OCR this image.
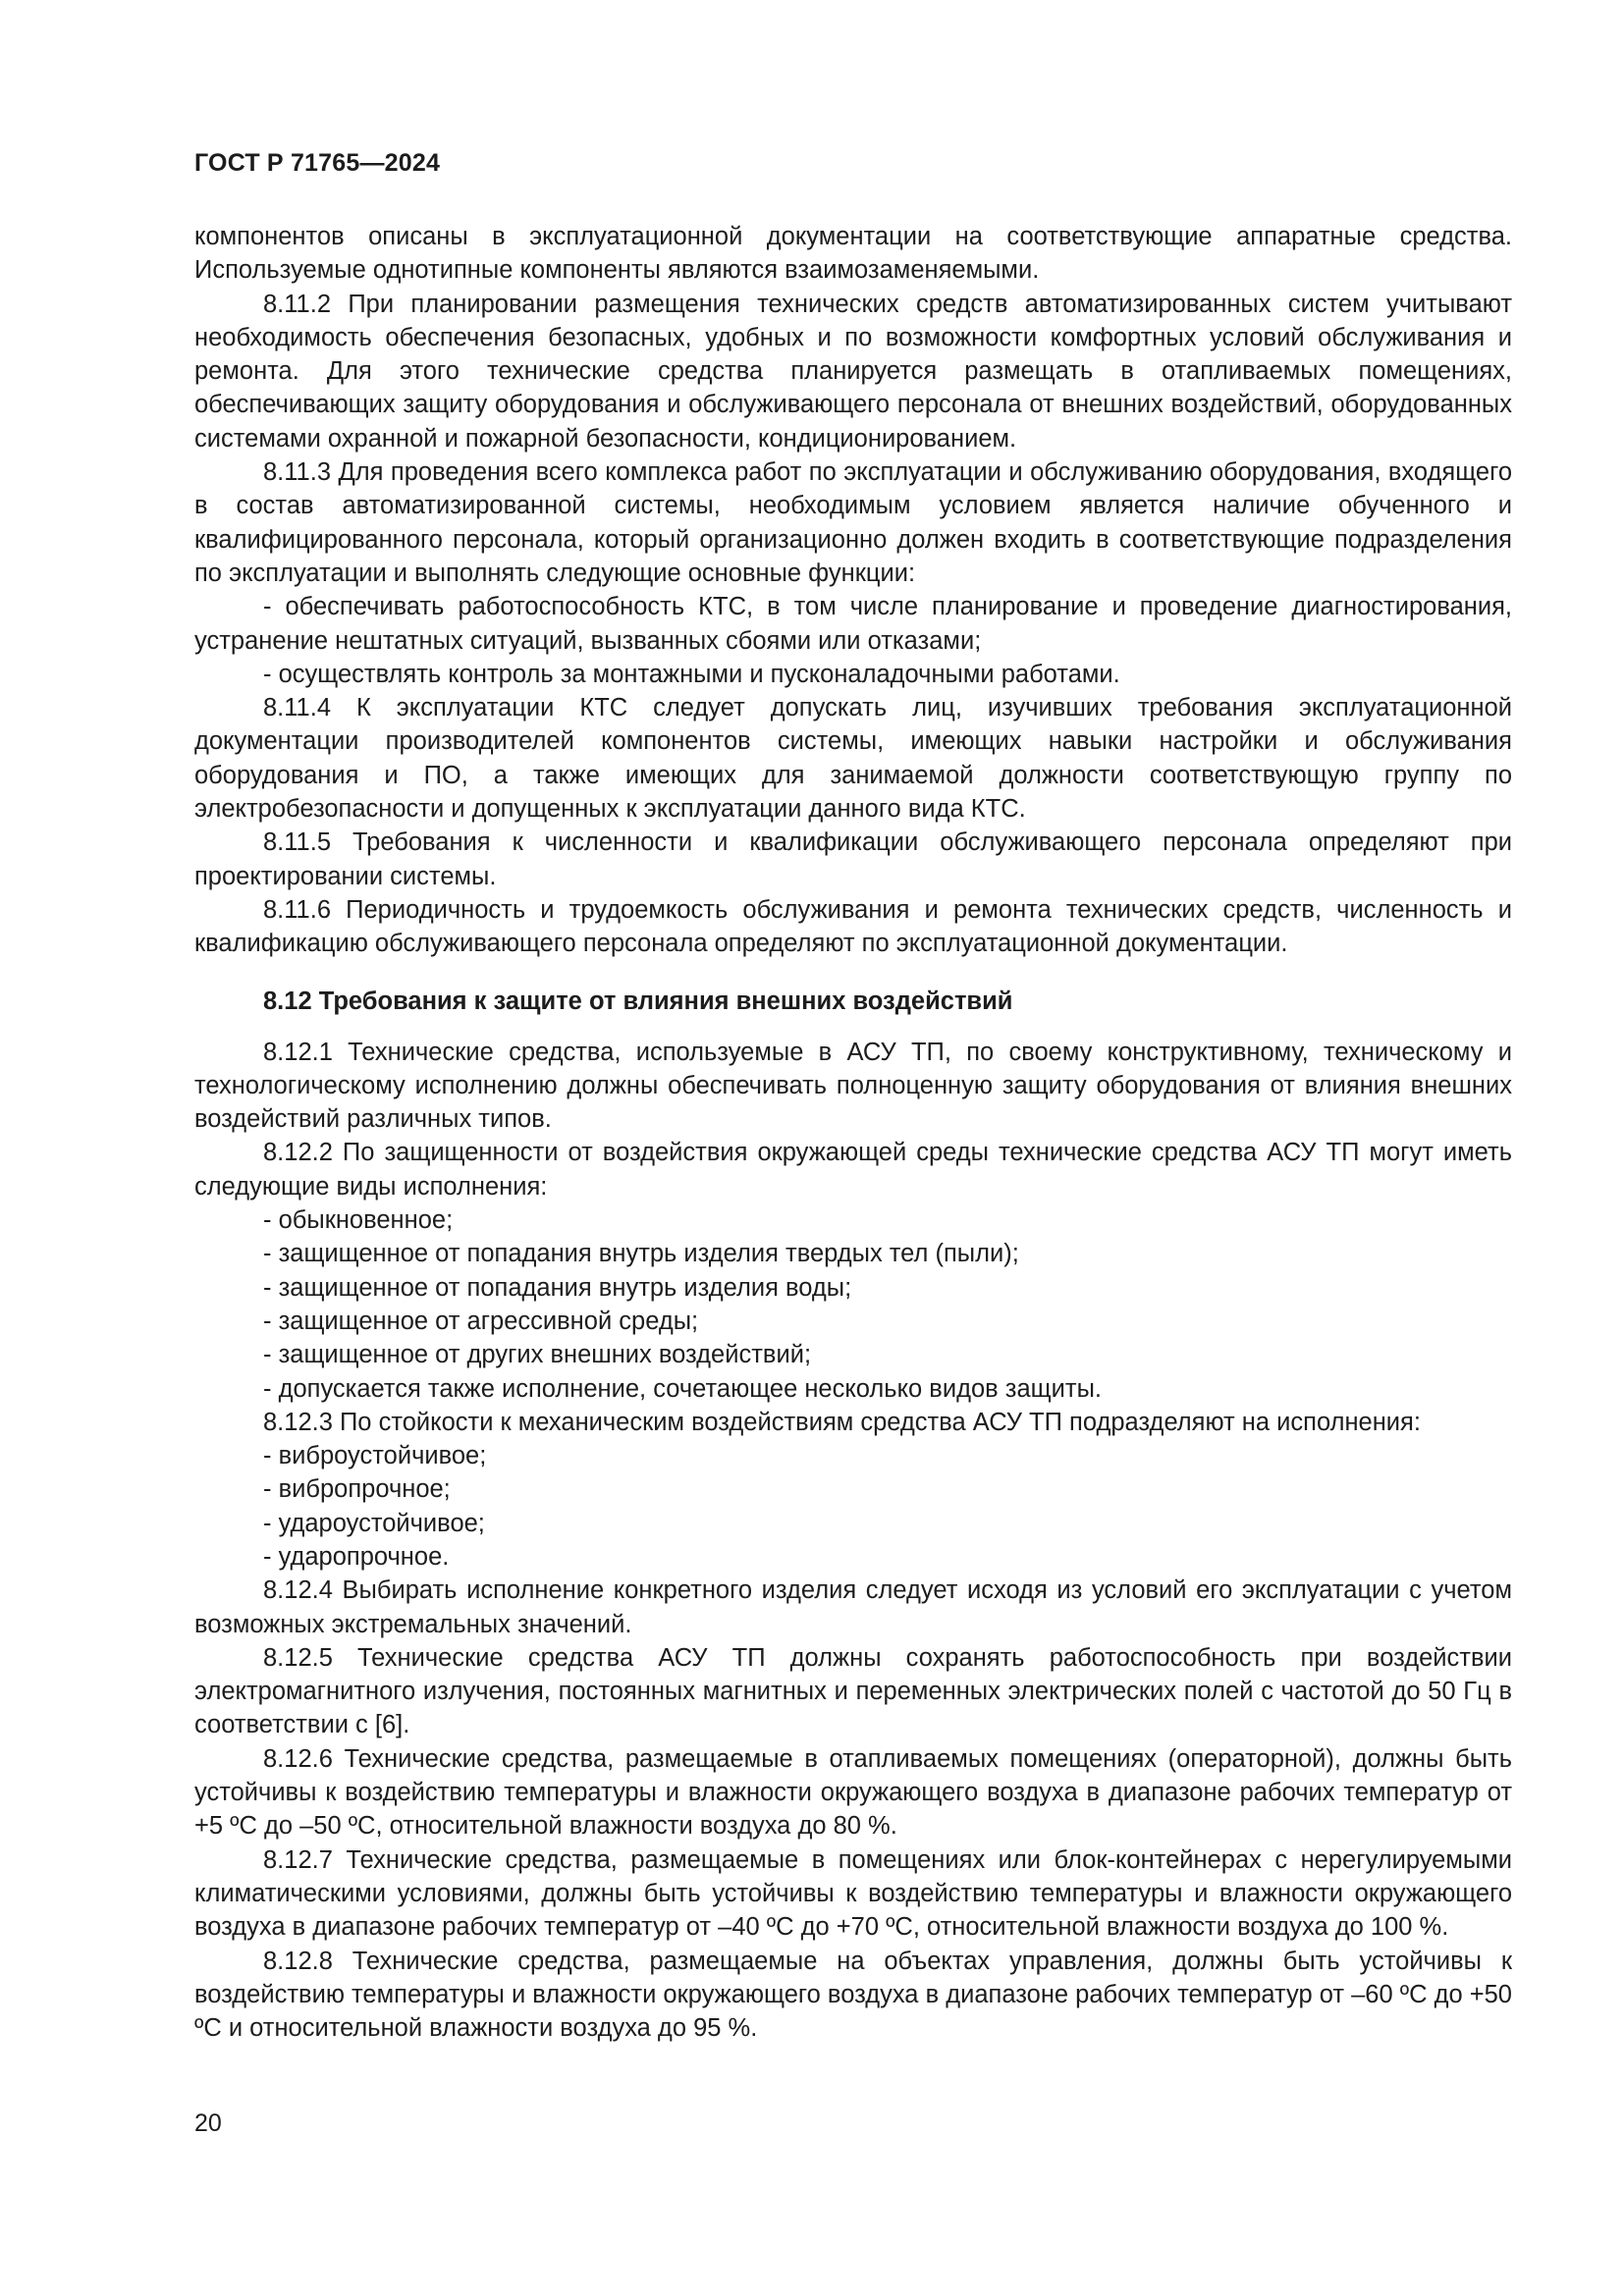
ГОСТ Р 71765—2024

компонентов описаны в эксплуатационной документации на соответствующие аппаратные средства. Используемые однотипные компоненты являются взаимозаменяемыми.

8.11.2 При планировании размещения технических средств автоматизированных систем учитывают необходимость обеспечения безопасных, удобных и по возможности комфортных условий обслуживания и ремонта. Для этого технические средства планируется размещать в отапливаемых помещениях, обеспечивающих защиту оборудования и обслуживающего персонала от внешних воздействий, оборудованных системами охранной и пожарной безопасности, кондиционированием.

8.11.3 Для проведения всего комплекса работ по эксплуатации и обслуживанию оборудования, входящего в состав автоматизированной системы, необходимым условием является наличие обученного и квалифицированного персонала, который организационно должен входить в соответствующие подразделения по эксплуатации и выполнять следующие основные функции:

- обеспечивать работоспособность КТС, в том числе планирование и проведение диагностирования, устранение нештатных ситуаций, вызванных сбоями или отказами;

- осуществлять контроль за монтажными и пусконаладочными работами.

8.11.4 К эксплуатации КТС следует допускать лиц, изучивших требования эксплуатационной документации производителей компонентов системы, имеющих навыки настройки и обслуживания оборудования и ПО, а также имеющих для занимаемой должности соответствующую группу по электробезопасности и допущенных к эксплуатации данного вида КТС.

8.11.5 Требования к численности и квалификации обслуживающего персонала определяют при проектировании системы.

8.11.6 Периодичность и трудоемкость обслуживания и ремонта технических средств, численность и квалификацию обслуживающего персонала определяют по эксплуатационной документации.

8.12 Требования к защите от влияния внешних воздействий

8.12.1 Технические средства, используемые в АСУ ТП, по своему конструктивному, техническому и технологическому исполнению должны обеспечивать полноценную защиту оборудования от влияния внешних воздействий различных типов.

8.12.2 По защищенности от воздействия окружающей среды технические средства АСУ ТП могут иметь следующие виды исполнения:

- обыкновенное;

- защищенное от попадания внутрь изделия твердых тел (пыли);

- защищенное от попадания внутрь изделия воды;

- защищенное от агрессивной среды;

- защищенное от других внешних воздействий;

- допускается также исполнение, сочетающее несколько видов защиты.

8.12.3 По стойкости к механическим воздействиям средства АСУ ТП подразделяют на исполнения:

- виброустойчивое;

- вибропрочное;

- удароустойчивое;

- ударопрочное.

8.12.4 Выбирать исполнение конкретного изделия следует исходя из условий его эксплуатации с учетом возможных экстремальных значений.

8.12.5 Технические средства АСУ ТП должны сохранять работоспособность при воздействии электромагнитного излучения, постоянных магнитных и переменных электрических полей с частотой до 50 Гц в соответствии с [6].

8.12.6 Технические средства, размещаемые в отапливаемых помещениях (операторной), должны быть устойчивы к воздействию температуры и влажности окружающего воздуха в диапазоне рабочих температур от +5 ºС до –50 ºС, относительной влажности воздуха до 80 %.

8.12.7 Технические средства, размещаемые в помещениях или блок-контейнерах с нерегулируемыми климатическими условиями, должны быть устойчивы к воздействию температуры и влажности окружающего воздуха в диапазоне рабочих температур от –40 ºС до +70 ºС, относительной влажности воздуха до 100 %.

8.12.8 Технические средства, размещаемые на объектах управления, должны быть устойчивы к воздействию температуры и влажности окружающего воздуха в диапазоне рабочих температур от –60 ºС до +50 ºС и относительной влажности воздуха до 95 %.

20
